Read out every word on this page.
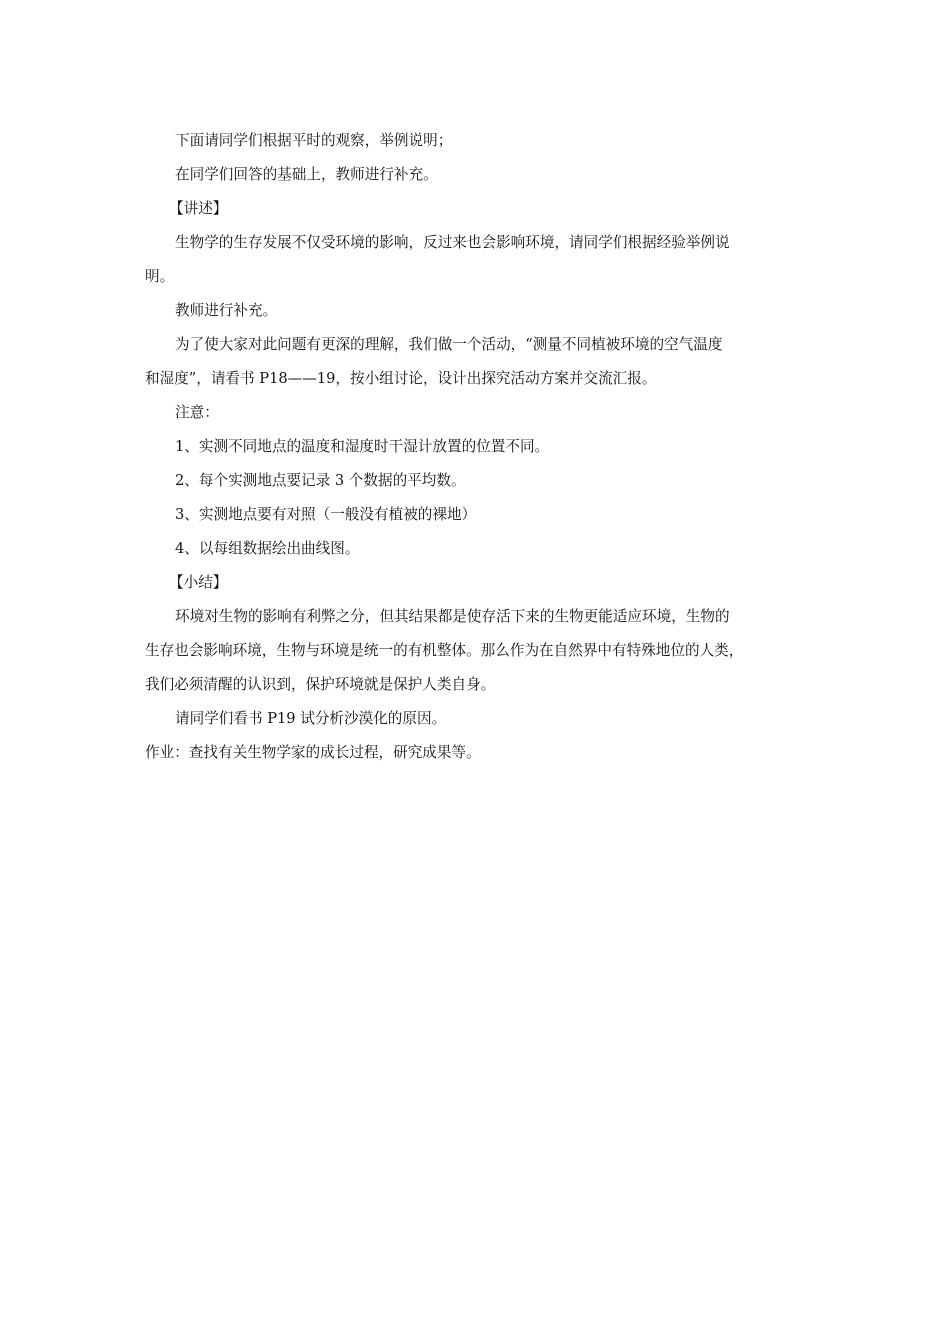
下面请同学们根据平时的观察，举例说明；
在同学们回答的基础上，教师进行补充。
【讲述】
生物学的生存发展不仅受环境的影响，反过来也会影响环境，请同学们根据经验举例说
明。
教师进行补充。
为了使大家对此问题有更深的理解，我们做一个活动，“测量不同植被环境的空气温度
和湿度”，请看书 P18——19，按小组讨论，设计出探究活动方案并交流汇报。
注意：
1、实测不同地点的温度和湿度时干湿计放置的位置不同。
2、每个实测地点要记录 3 个数据的平均数。
3、实测地点要有对照（一般没有植被的裸地）
4、以每组数据绘出曲线图。
【小结】
环境对生物的影响有利弊之分，但其结果都是使存活下来的生物更能适应环境，生物的
生存也会影响环境，生物与环境是统一的有机整体。那么作为在自然界中有特殊地位的人类，
我们必须清醒的认识到，保护环境就是保护人类自身。
请同学们看书 P19 试分析沙漠化的原因。
作业：查找有关生物学家的成长过程，研究成果等。
